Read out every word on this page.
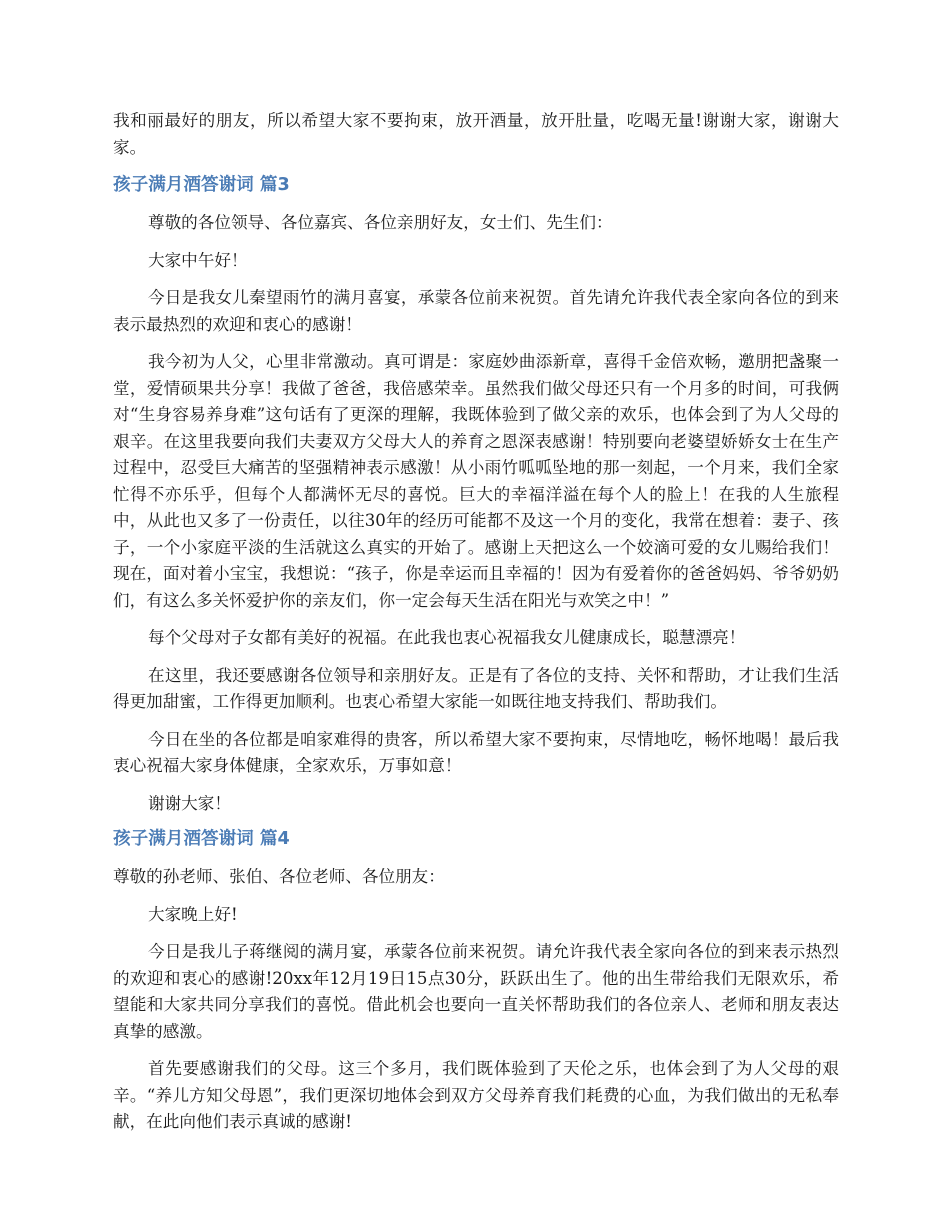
我和丽最好的朋友，所以希望大家不要拘束，放开酒量，放开肚量，吃喝无量!谢谢大家，谢谢大家。

孩子满月酒答谢词 篇3

尊敬的各位领导、各位嘉宾、各位亲朋好友，女士们、先生们：

大家中午好！

今日是我女儿秦望雨竹的满月喜宴，承蒙各位前来祝贺。首先请允许我代表全家向各位的到来表示最热烈的欢迎和衷心的感谢！

我今初为人父，心里非常激动。真可谓是：家庭妙曲添新章，喜得千金倍欢畅，邀朋把盏聚一堂，爱情硕果共分享！我做了爸爸，我倍感荣幸。虽然我们做父母还只有一个月多的时间，可我俩对“生身容易养身难”这句话有了更深的理解，我既体验到了做父亲的欢乐，也体会到了为人父母的艰辛。在这里我要向我们夫妻双方父母大人的养育之恩深表感谢！特别要向老婆望娇娇女士在生产过程中，忍受巨大痛苦的坚强精神表示感激！从小雨竹呱呱坠地的那一刻起，一个月来，我们全家忙得不亦乐乎，但每个人都满怀无尽的喜悦。巨大的幸福洋溢在每个人的脸上！在我的人生旅程中，从此也又多了一份责任，以往30年的经历可能都不及这一个月的变化，我常在想着：妻子、孩子，一个小家庭平淡的生活就这么真实的开始了。感谢上天把这么一个姣滴可爱的女儿赐给我们！现在，面对着小宝宝，我想说：“孩子，你是幸运而且幸福的！因为有爱着你的爸爸妈妈、爷爷奶奶们，有这么多关怀爱护你的亲友们，你一定会每天生活在阳光与欢笑之中！”

每个父母对子女都有美好的祝福。在此我也衷心祝福我女儿健康成长，聪慧漂亮！

在这里，我还要感谢各位领导和亲朋好友。正是有了各位的支持、关怀和帮助，才让我们生活得更加甜蜜，工作得更加顺利。也衷心希望大家能一如既往地支持我们、帮助我们。

今日在坐的各位都是咱家难得的贵客，所以希望大家不要拘束，尽情地吃，畅怀地喝！最后我衷心祝福大家身体健康，全家欢乐，万事如意！

谢谢大家！

孩子满月酒答谢词 篇4

尊敬的孙老师、张伯、各位老师、各位朋友：

大家晚上好!

今日是我儿子蒋继阅的满月宴，承蒙各位前来祝贺。请允许我代表全家向各位的到来表示热烈的欢迎和衷心的感谢!20xx年12月19日15点30分，跃跃出生了。他的出生带给我们无限欢乐，希望能和大家共同分享我们的喜悦。借此机会也要向一直关怀帮助我们的各位亲人、老师和朋友表达真挚的感激。

首先要感谢我们的父母。这三个多月，我们既体验到了天伦之乐，也体会到了为人父母的艰辛。“养儿方知父母恩”，我们更深切地体会到双方父母养育我们耗费的心血，为我们做出的无私奉献，在此向他们表示真诚的感谢!
